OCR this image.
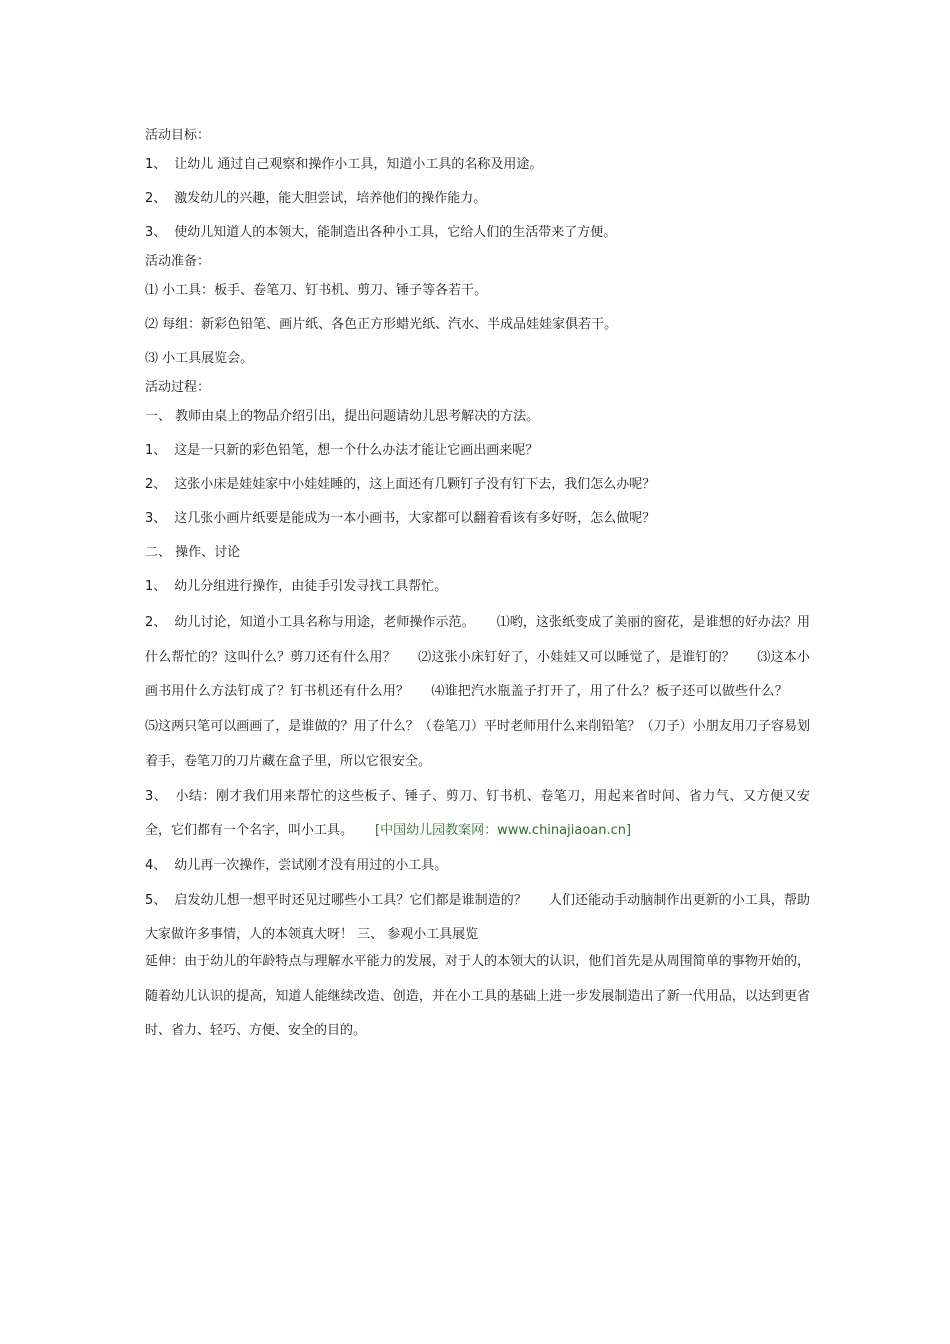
活动目标：

1、 让幼儿 通过自己观察和操作小工具，知道小工具的名称及用途。

2、 激发幼儿的兴趣，能大胆尝试，培养他们的操作能力。

3、 使幼儿知道人的本领大，能制造出各种小工具，它给人们的生活带来了方便。

活动准备：

⑴ 小工具：板手、卷笔刀、钉书机、剪刀、锤子等各若干。

⑵ 每组：新彩色铅笔、画片纸、各色正方形蜡光纸、汽水、半成品娃娃家俱若干。

⑶ 小工具展览会。

活动过程：

一、 教师由桌上的物品介绍引出，提出问题请幼儿思考解决的方法。

1、 这是一只新的彩色铅笔，想一个什么办法才能让它画出画来呢？

2、 这张小床是娃娃家中小娃娃睡的，这上面还有几颗钉子没有钉下去，我们怎么办呢？

3、 这几张小画片纸要是能成为一本小画书，大家都可以翻着看该有多好呀，怎么做呢？

二、 操作、讨论

1、 幼儿分组进行操作，由徒手引发寻找工具帮忙。

2、 幼儿讨论，知道小工具名称与用途，老师操作示范。 ⑴哟，这张纸变成了美丽的窗花，是谁想的好办法？用什么帮忙的？这叫什么？剪刀还有什么用？ ⑵这张小床钉好了，小娃娃又可以睡觉了，是谁钉的？ ⑶这本小画书用什么方法钉成了？钉书机还有什么用？ ⑷谁把汽水瓶盖子打开了，用了什么？板子还可以做些什么？⑸这两只笔可以画画了，是谁做的？用了什么？（卷笔刀）平时老师用什么来削铅笔？（刀子）小朋友用刀子容易划着手，卷笔刀的刀片藏在盒子里，所以它很安全。

3、 小结：刚才我们用来帮忙的这些板子、锤子、剪刀、钉书机、卷笔刀，用起来省时间、省力气、又方便又安全，它们都有一个名字，叫小工具。 [中国幼儿园教案网：www.chinajiaoan.cn]

4、 幼儿再一次操作，尝试刚才没有用过的小工具。

5、 启发幼儿想一想平时还见过哪些小工具？它们都是谁制造的？ 人们还能动手动脑制作出更新的小工具，帮助大家做许多事情，人的本领真大呀！ 三、 参观小工具展览

延伸：由于幼儿的年龄特点与理解水平能力的发展，对于人的本领大的认识，他们首先是从周围简单的事物开始的，随着幼儿认识的提高，知道人能继续改造、创造，并在小工具的基础上进一步发展制造出了新一代用品，以达到更省时、省力、轻巧、方便、安全的目的。
